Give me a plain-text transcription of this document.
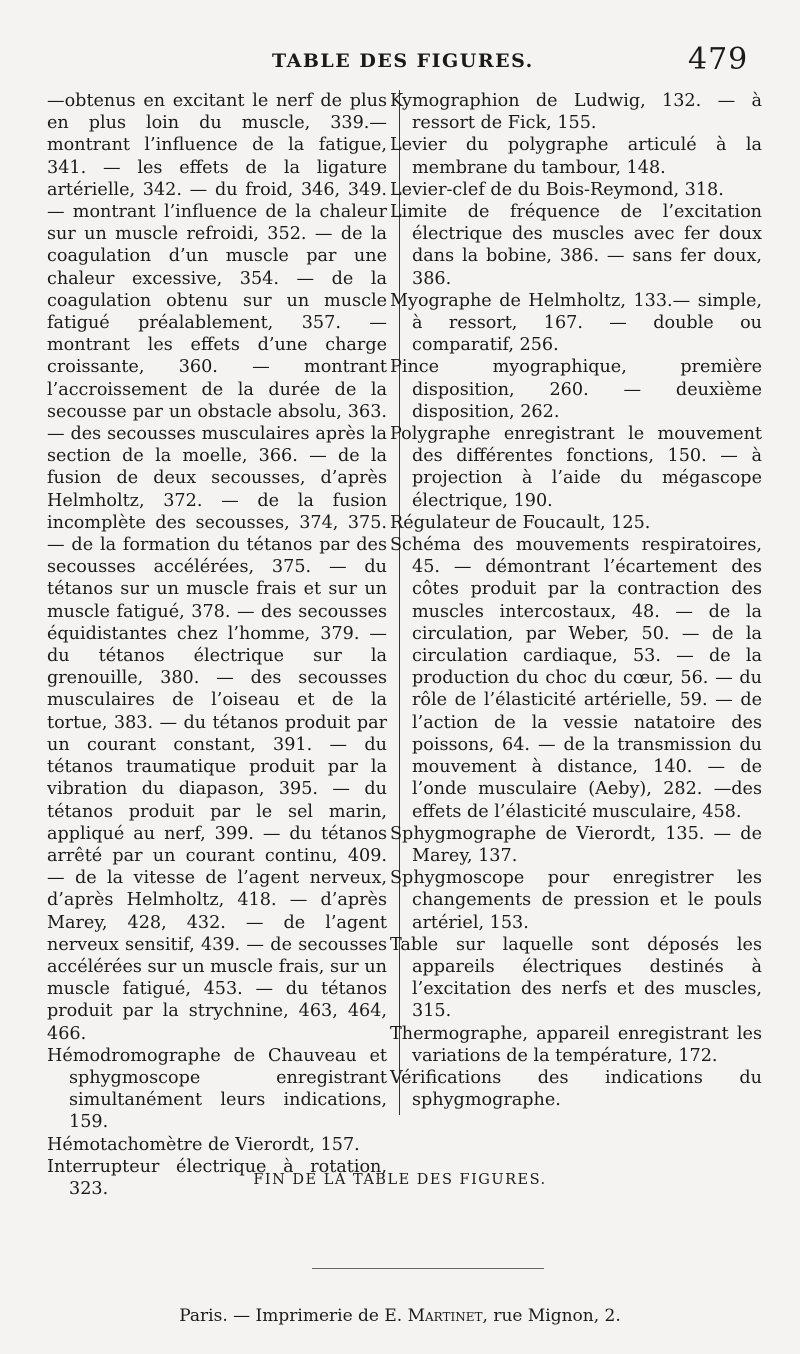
TABLE DES FIGURES.	479

—obtenus en excitant le nerf de plus en plus loin du muscle, 339.— montrant l’influence de la fatigue, 341. — les effets de la ligature artérielle, 342. — du froid, 346, 349. — montrant l’influence de la chaleur sur un muscle refroidi, 352. — de la coagulation d’un muscle par une chaleur excessive, 354. — de la coagulation obtenu sur un muscle fatigué préalablement, 357. — montrant les effets d’une charge croissante, 360. — montrant l’accroissement de la durée de la secousse par un obstacle absolu, 363. — des secousses musculaires après la section de la moelle, 366. — de la fusion de deux secousses, d’après Helmholtz, 372. — de la fusion incomplète des secousses, 374, 375. — de la formation du tétanos par des secousses accélérées, 375. — du tétanos sur un muscle frais et sur un muscle fatigué, 378. — des secousses équidistantes chez l’homme, 379. — du tétanos électrique sur la grenouille, 380. — des secousses musculaires de l’oiseau et de la tortue, 383. — du tétanos produit par un courant constant, 391. — du tétanos traumatique produit par la vibration du diapason, 395. — du tétanos produit par le sel marin, appliqué au nerf, 399. — du tétanos arrêté par un courant continu, 409. — de la vitesse de l’agent nerveux, d’après Helmholtz, 418. — d’après Marey, 428, 432. — de l’agent nerveux sensitif, 439. — de secousses accélérées sur un muscle frais, sur un muscle fatigué, 453. — du tétanos produit par la strychnine, 463, 464, 466.

Hémodromographe de Chauveau et sphygmoscope enregistrant simultanément leurs indications, 159.

Hémotachomètre de Vierordt, 157.

Interrupteur électrique à rotation, 323.

Kymographion de Ludwig, 132. — à ressort de Fick, 155.

Levier du polygraphe articulé à la membrane du tambour, 148.

Levier-clef de du Bois-Reymond, 318.

Limite de fréquence de l’excitation électrique des muscles avec fer doux dans la bobine, 386. — sans fer doux, 386.

Myographe de Helmholtz, 133.— simple, à ressort, 167. — double ou comparatif, 256.

Pince myographique, première disposition, 260. — deuxième disposition, 262.

Polygraphe enregistrant le mouvement des différentes fonctions, 150. — à projection à l’aide du mégascope électrique, 190.

Régulateur de Foucault, 125.

Schéma des mouvements respiratoires, 45. — démontrant l’écartement des côtes produit par la contraction des muscles intercostaux, 48. — de la circulation, par Weber, 50. — de la circulation cardiaque, 53. — de la production du choc du cœur, 56. — du rôle de l’élasticité artérielle, 59. — de l’action de la vessie natatoire des poissons, 64. — de la transmission du mouvement à distance, 140. — de l’onde musculaire (Aeby), 282. —des effets de l’élasticité musculaire, 458.

Sphygmographe de Vierordt, 135. — de Marey, 137.

Sphygmoscope pour enregistrer les changements de pression et le pouls artériel, 153.

Table sur laquelle sont déposés les appareils électriques destinés à l’excitation des nerfs et des muscles, 315.

Thermographe, appareil enregistrant les variations de la température, 172.

Vérifications des indications du sphygmographe.

FIN DE LA TABLE DES FIGURES.
Paris. — Imprimerie de E. Martinet, rue Mignon, 2.
